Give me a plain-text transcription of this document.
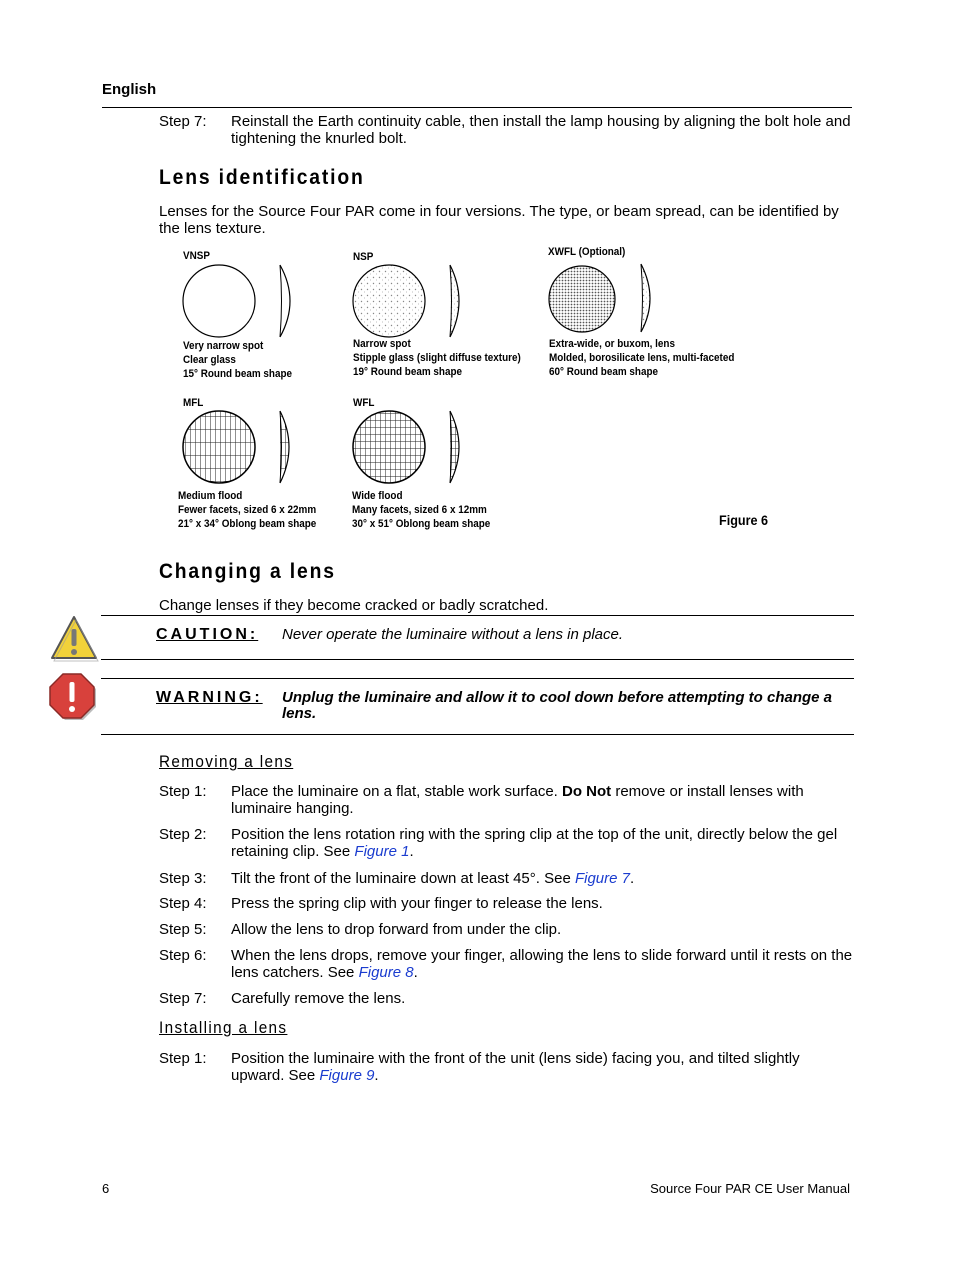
English
Step 7: Reinstall the Earth continuity cable, then install the lamp housing by aligning the bolt hole and tightening the knurled bolt.
Lens identification
Lenses for the Source Four PAR come in four versions. The type, or beam spread, can be identified by the lens texture.
VNSP	NSP	XWFL (Optional)
MFL	WFL
Very narrow spot
Clear glass
15° Round beam shape
Narrow spot
Stipple glass (slight diffuse texture)
19° Round beam shape
Extra-wide, or buxom, lens
Molded, borosilicate lens, multi-faceted
60° Round beam shape
Medium flood
Fewer facets, sized 6 x 22mm
21° x 34° Oblong beam shape
Wide flood
Many facets, sized 6 x 12mm
30° x 51° Oblong beam shape	Figure 6
Changing a lens
Change lenses if they become cracked or badly scratched.
CAUTION: Never operate the luminaire without a lens in place.
WARNING: Unplug the luminaire and allow it to cool down before attempting to change a lens.
Removing a lens
Step 1: Place the luminaire on a flat, stable work surface. Do Not remove or install lenses with luminaire hanging.
Step 2: Position the lens rotation ring with the spring clip at the top of the unit, directly below the gel retaining clip. See Figure 1.
Step 3: Tilt the front of the luminaire down at least 45°. See Figure 7.
Step 4: Press the spring clip with your finger to release the lens.
Step 5: Allow the lens to drop forward from under the clip.
Step 6: When the lens drops, remove your finger, allowing the lens to slide forward until it rests on the lens catchers. See Figure 8.
Step 7: Carefully remove the lens.
Installing a lens
Step 1: Position the luminaire with the front of the unit (lens side) facing you, and tilted slightly upward. See Figure 9.
6	Source Four PAR CE User Manual
